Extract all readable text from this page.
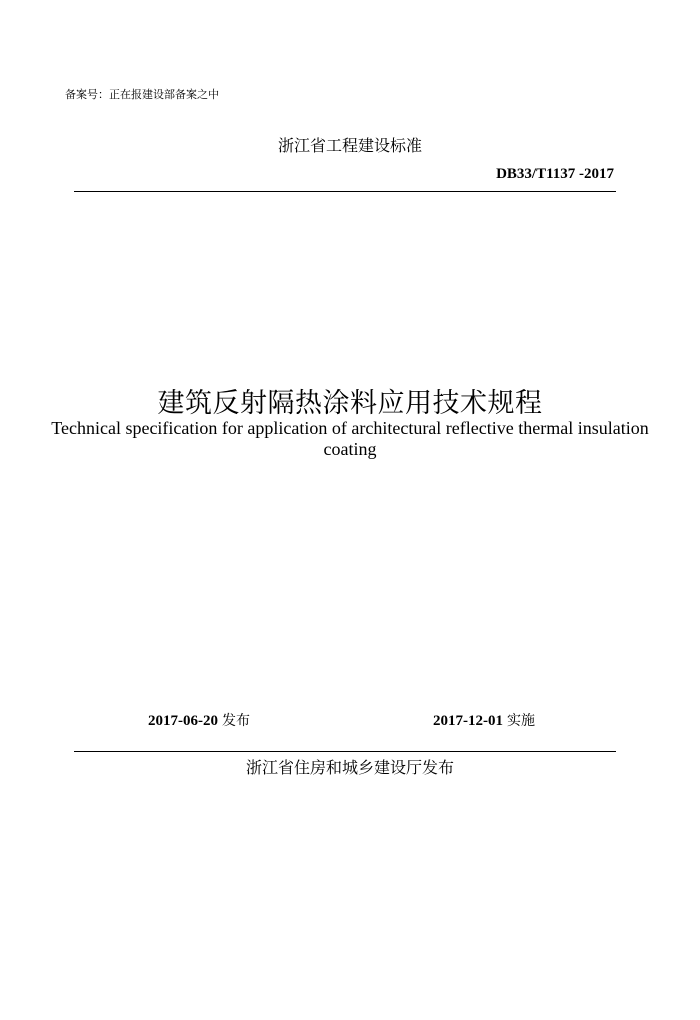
备案号：正在报建设部备案之中
浙江省工程建设标准
DB33/T1137 -2017
建筑反射隔热涂料应用技术规程
Technical specification for application of architectural reflective thermal insulation coating
2017-06-20 发布	2017-12-01 实施
浙江省住房和城乡建设厅发布
